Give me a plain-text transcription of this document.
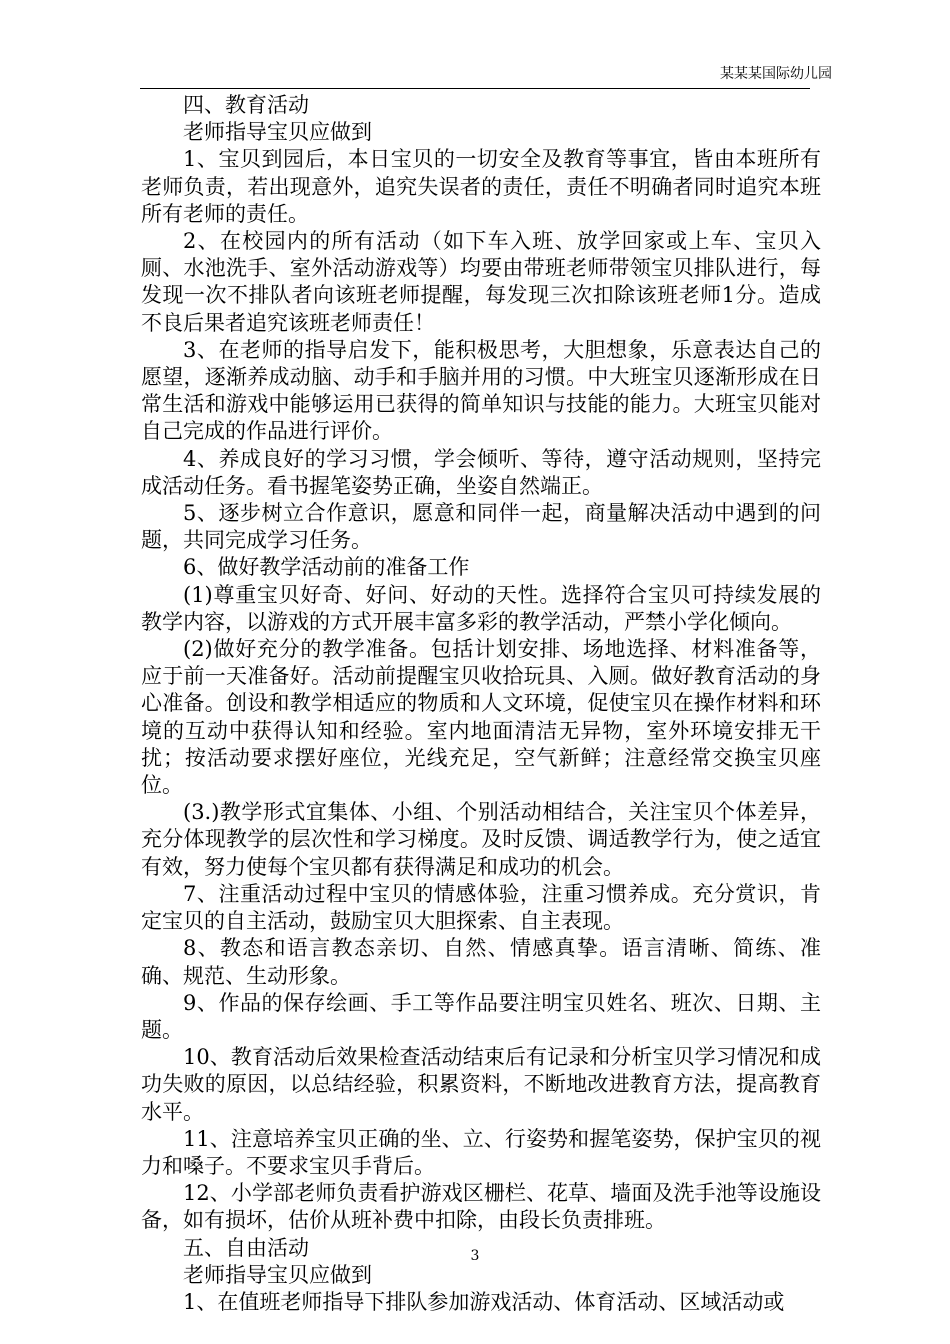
某某某国际幼儿园

四、教育活动

老师指导宝贝应做到

1、宝贝到园后，本日宝贝的一切安全及教育等事宜，皆由本班所有老师负责，若出现意外，追究失误者的责任，责任不明确者同时追究本班所有老师的责任。

2、在校园内的所有活动（如下车入班、放学回家或上车、宝贝入厕、水池洗手、室外活动游戏等）均要由带班老师带领宝贝排队进行，每发现一次不排队者向该班老师提醒，每发现三次扣除该班老师1分。造成不良后果者追究该班老师责任！

3、在老师的指导启发下，能积极思考，大胆想象，乐意表达自己的愿望，逐渐养成动脑、动手和手脑并用的习惯。中大班宝贝逐渐形成在日常生活和游戏中能够运用已获得的简单知识与技能的能力。大班宝贝能对自己完成的作品进行评价。

4、养成良好的学习习惯，学会倾听、等待，遵守活动规则，坚持完成活动任务。看书握笔姿势正确，坐姿自然端正。

5、逐步树立合作意识，愿意和同伴一起，商量解决活动中遇到的问题，共同完成学习任务。

6、做好教学活动前的准备工作

(1)尊重宝贝好奇、好问、好动的天性。选择符合宝贝可持续发展的教学内容，以游戏的方式开展丰富多彩的教学活动，严禁小学化倾向。

(2)做好充分的教学准备。包括计划安排、场地选择、材料准备等，应于前一天准备好。活动前提醒宝贝收拾玩具、入厕。做好教育活动的身心准备。创设和教学相适应的物质和人文环境，促使宝贝在操作材料和环境的互动中获得认知和经验。室内地面清洁无异物，室外环境安排无干扰；按活动要求摆好座位，光线充足，空气新鲜；注意经常交换宝贝座位。

(3.)教学形式宜集体、小组、个别活动相结合，关注宝贝个体差异，充分体现教学的层次性和学习梯度。及时反馈、调适教学行为，使之适宜有效，努力使每个宝贝都有获得满足和成功的机会。

7、注重活动过程中宝贝的情感体验，注重习惯养成。充分赏识，肯定宝贝的自主活动，鼓励宝贝大胆探索、自主表现。

8、教态和语言教态亲切、自然、情感真挚。语言清晰、简练、准确、规范、生动形象。

9、作品的保存绘画、手工等作品要注明宝贝姓名、班次、日期、主题。

10、教育活动后效果检查活动结束后有记录和分析宝贝学习情况和成功失败的原因，以总结经验，积累资料，不断地改进教育方法，提高教育水平。

11、注意培养宝贝正确的坐、立、行姿势和握笔姿势，保护宝贝的视力和嗓子。不要求宝贝手背后。

12、小学部老师负责看护游戏区栅栏、花草、墙面及洗手池等设施设备，如有损坏，估价从班补费中扣除，由段长负责排班。

五、自由活动

老师指导宝贝应做到

1、在值班老师指导下排队参加游戏活动、体育活动、区域活动或

3
